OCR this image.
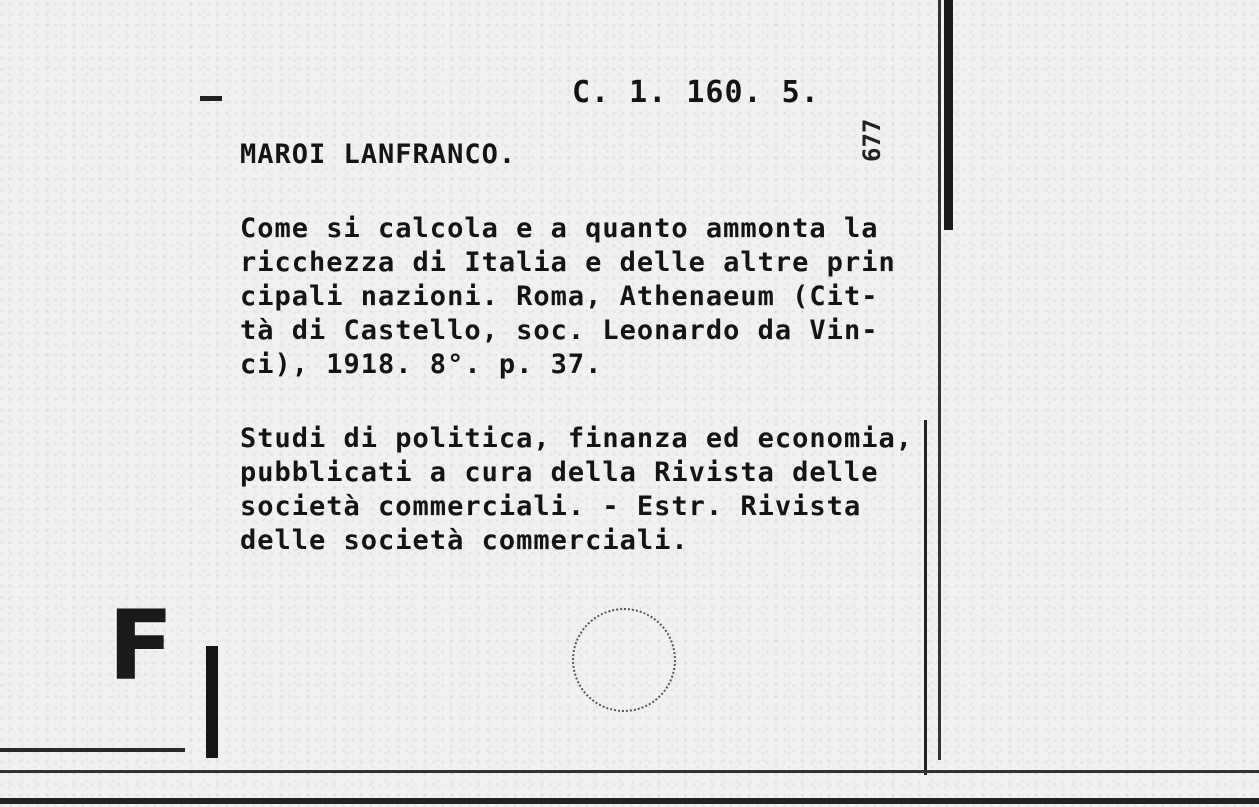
C. 1. 160. 5.
MAROI LANFRANCO.	677
Come si calcola e a quanto ammonta la
ricchezza di Italia e delle altre prin
cipali nazioni. Roma, Athenaeum (Cit-
tà di Castello, soc. Leonardo da Vin-
ci), 1918. 8°. p. 37.
Studi di politica, finanza ed economia,
pubblicati a cura della Rivista delle
società commerciali. - Estr. Rivista
delle società commerciali.
F
